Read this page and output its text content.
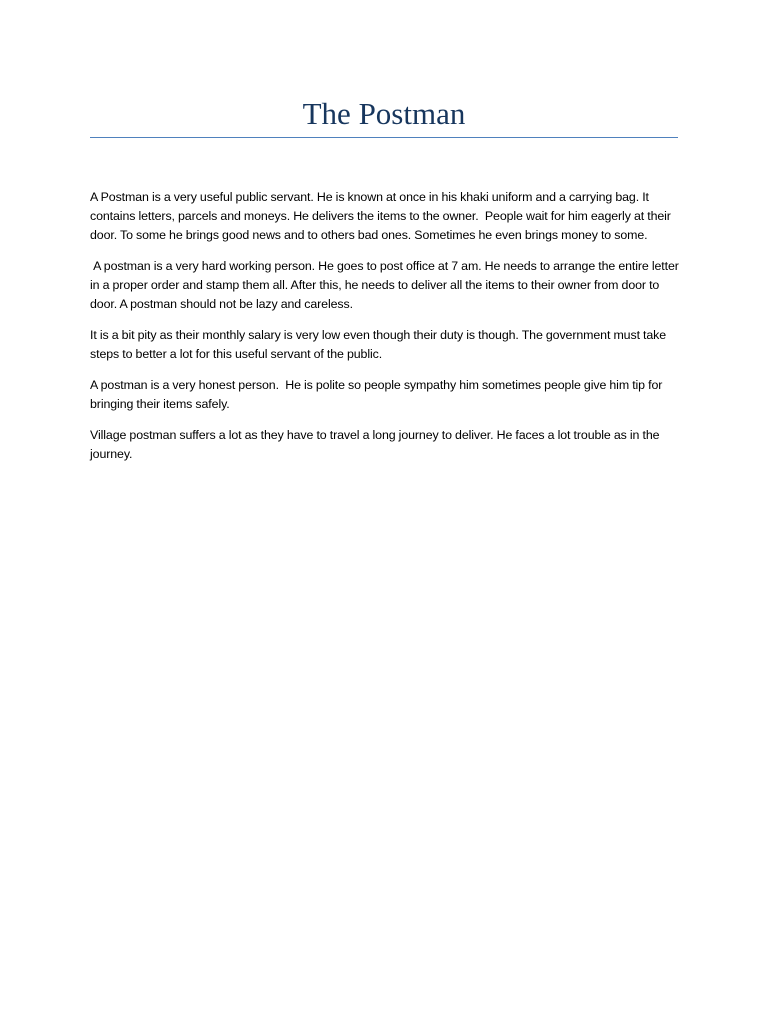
The Postman

A Postman is a very useful public servant. He is known at once in his khaki uniform and a carrying bag. It contains letters, parcels and moneys. He delivers the items to the owner.  People wait for him eagerly at their door. To some he brings good news and to others bad ones. Sometimes he even brings money to some.

A postman is a very hard working person. He goes to post office at 7 am. He needs to arrange the entire letter in a proper order and stamp them all. After this, he needs to deliver all the items to their owner from door to door. A postman should not be lazy and careless.

It is a bit pity as their monthly salary is very low even though their duty is though. The government must take steps to better a lot for this useful servant of the public.

A postman is a very honest person.  He is polite so people sympathy him sometimes people give him tip for bringing their items safely.

Village postman suffers a lot as they have to travel a long journey to deliver. He faces a lot trouble as in the journey.
